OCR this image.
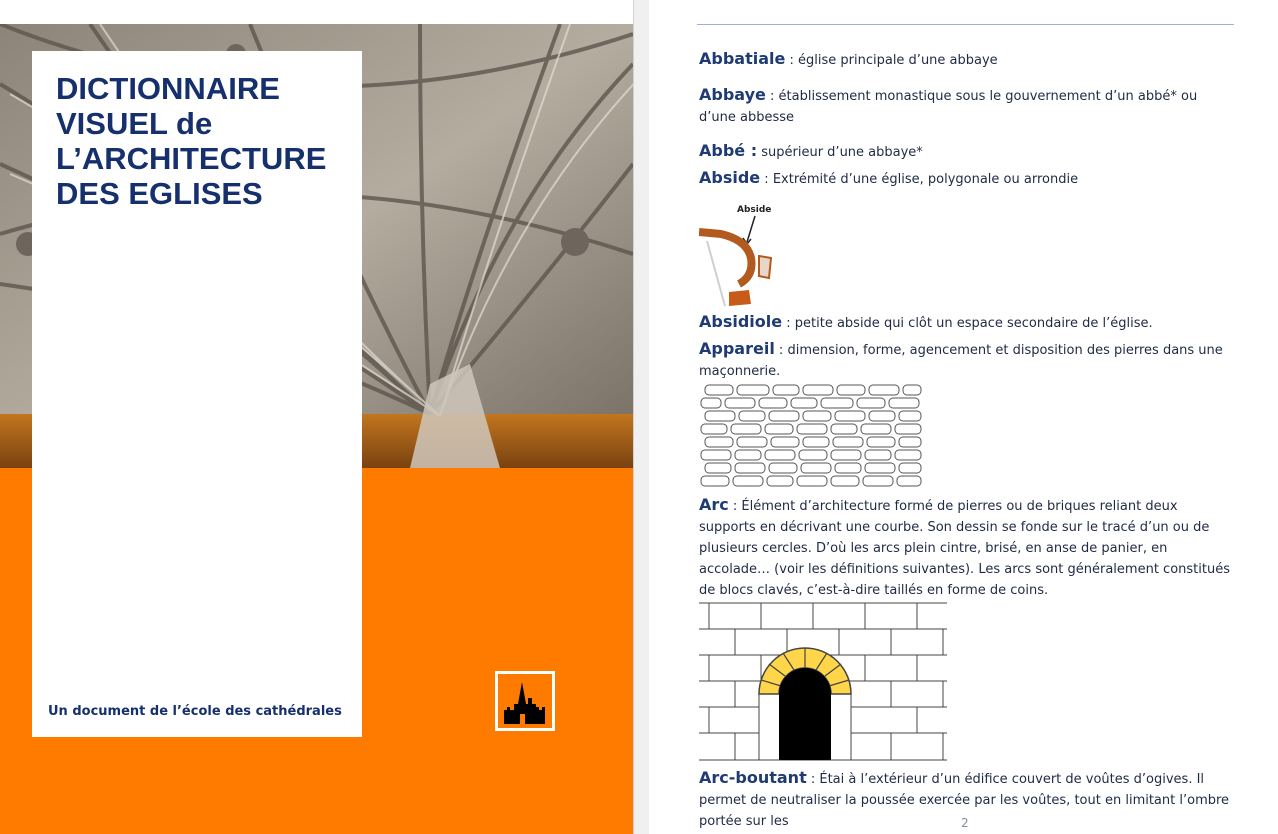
DICTIONNAIRE
VISUEL de
L’ARCHITECTURE
DES EGLISES
Un document de l’école des cathédrales

Abbatiale : église principale d’une abbaye

Abbaye : établissement monastique sous le gouvernement d’un abbé* ou d’une abbesse

Abbé : supérieur d’une abbaye*

Abside : Extrémité d’une église, polygonale ou arrondie

Abside

Absidiole : petite abside qui clôt un espace secondaire de l’église.

Appareil : dimension, forme, agencement et disposition des pierres dans une maçonnerie.

Arc : Élément d’architecture formé de pierres ou de briques reliant deux supports en décrivant une courbe. Son dessin se fonde sur le tracé d’un ou de plusieurs cercles. D’où les arcs plein cintre, brisé, en anse de panier, en accolade… (voir les définitions suivantes). Les arcs sont généralement constitués de blocs clavés, c’est-à-dire taillés en forme de coins.

Arc-boutant : Étai à l’extérieur d’un édifice couvert de voûtes d’ogives. Il permet de neutraliser la poussée exercée par les voûtes, tout en limitant l’ombre portée sur les	2
